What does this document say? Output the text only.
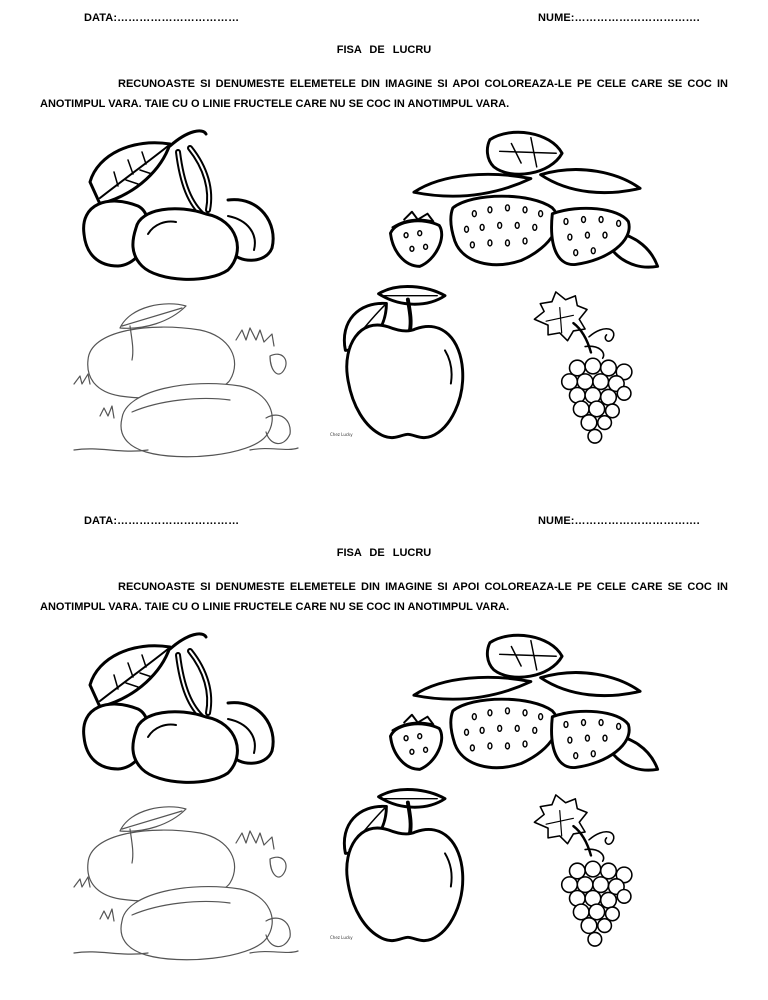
DATA:……………………………	NUME:…………………………….
FISA DE LUCRU

RECUNOASTE SI DENUMESTE ELEMETELE DIN IMAGINE SI APOI COLOREAZA-LE PE CELE CARE SE COC IN ANOTIMPUL VARA. TAIE CU O LINIE FRUCTELE CARE NU SE COC IN ANOTIMPUL VARA.

Chez Lucky
DATA:……………………………	NUME:…………………………….
FISA DE LUCRU

RECUNOASTE SI DENUMESTE ELEMETELE DIN IMAGINE SI APOI COLOREAZA-LE PE CELE CARE SE COC IN ANOTIMPUL VARA. TAIE CU O LINIE FRUCTELE CARE NU SE COC IN ANOTIMPUL VARA.

Chez Lucky
